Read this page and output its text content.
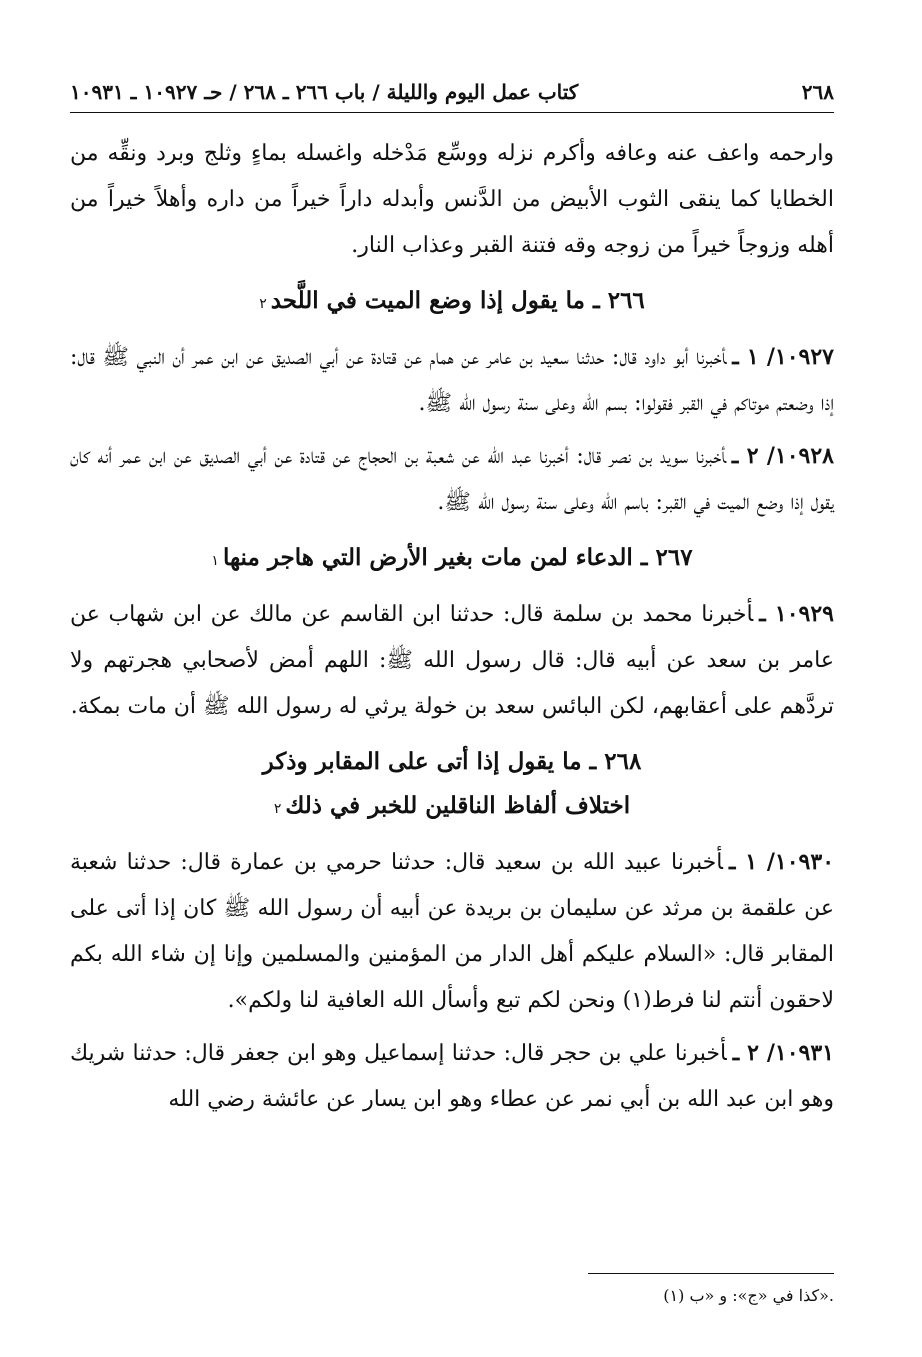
٢٦٨
كتاب عمل اليوم والليلة / باب ٢٦٦ ـ ٢٦٨ / حـ ١٠٩٢٧ ـ ١٠٩٣١

وارحمه واعف عنه وعافه وأكرم نزله ووسِّع مَدْخله واغسله بماءٍ وثلج وبرد ونقِّه من الخطايا كما ينقى الثوب الأبيض من الدَّنس وأبدله داراً خيراً من داره وأهلاً خيراً من أهله وزوجاً خيراً من زوجه وقه فتنة القبر وعذاب النار.

٢٦٦ ـ ما يقول إذا وضع الميت في اللَّحد٢

١٠٩٢٧/ ١ ـأخبرنا أبو داود قال: حدثنا سعيد بن عامر عن همام عن قتادة عن أبي الصديق عن ابن عمر أن النبي ﷺ قال: إذا وضعتم موتاكم في القبر فقولوا: بسم الله وعلى سنة رسول الله ﷺ.

١٠٩٢٨/ ٢ ـأخبرنا سويد بن نصر قال: أخبرنا عبد الله عن شعبة بن الحجاج عن قتادة عن أبي الصديق عن ابن عمر أنه كان يقول إذا وضع الميت في القبر: باسم الله وعلى سنة رسول الله ﷺ.

٢٦٧ ـ الدعاء لمن مات بغير الأرض التي هاجر منها١

١٠٩٢٩ ـأخبرنا محمد بن سلمة قال: حدثنا ابن القاسم عن مالك عن ابن شهاب عن عامر بن سعد عن أبيه قال: قال رسول الله ﷺ: اللهم أمض لأصحابي هجرتهم ولا تردَّهم على أعقابهم، لكن البائس سعد بن خولة يرثي له رسول الله ﷺ أن مات بمكة.

٢٦٨ ـ ما يقول إذا أتى على المقابر وذكر
اختلاف ألفاظ الناقلين للخبر في ذلك٢

١٠٩٣٠/ ١ ـأخبرنا عبيد الله بن سعيد قال: حدثنا حرمي بن عمارة قال: حدثنا شعبة عن علقمة بن مرثد عن سليمان بن بريدة عن أبيه أن رسول الله ﷺ كان إذا أتى على المقابر قال: «السلام عليكم أهل الدار من المؤمنين والمسلمين وإنا إن شاء الله بكم لاحقون أنتم لنا فرط(١) ونحن لكم تبع وأسأل الله العافية لنا ولكم».

١٠٩٣١/ ٢ ـأخبرنا علي بن حجر قال: حدثنا إسماعيل وهو ابن جعفر قال: حدثنا شريك وهو ابن عبد الله بن أبي نمر عن عطاء وهو ابن يسار عن عائشة رضي الله

(١) كذا في «ج»: و «ب».
